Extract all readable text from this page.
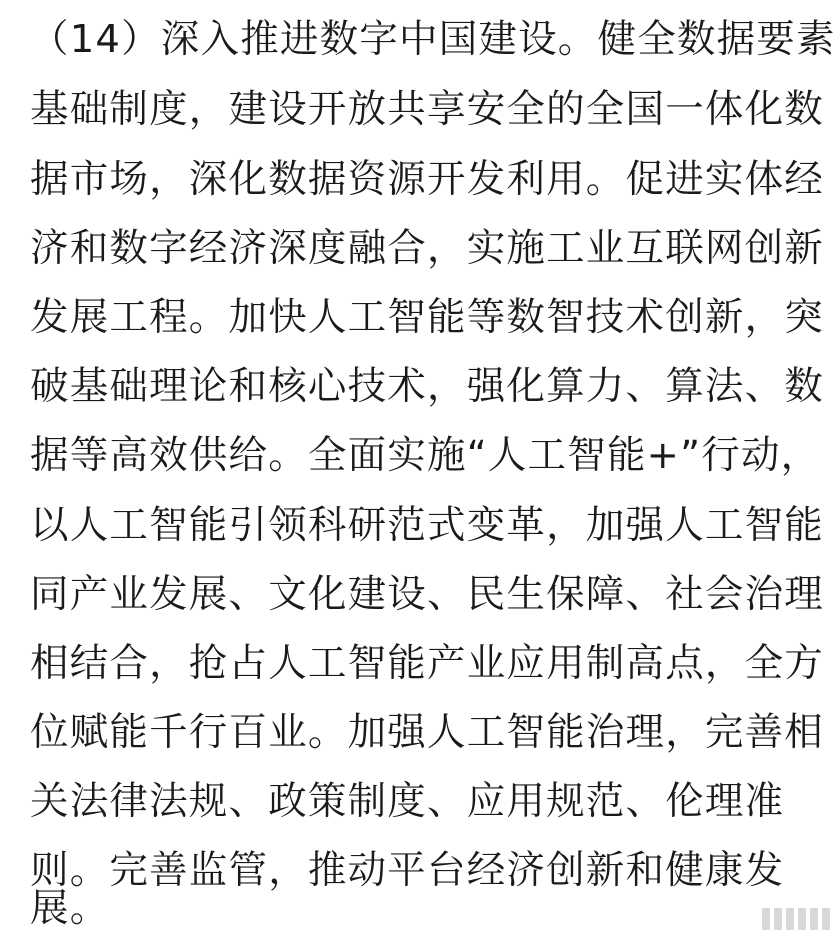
（14）深入推进数字中国建设。健全数据要素
基础制度，建设开放共享安全的全国一体化数
据市场，深化数据资源开发利用。促进实体经
济和数字经济深度融合，实施工业互联网创新
发展工程。加快人工智能等数智技术创新，突
破基础理论和核心技术，强化算力、算法、数
据等高效供给。全面实施“人工智能+”行动，
以人工智能引领科研范式变革，加强人工智能
同产业发展、文化建设、民生保障、社会治理
相结合，抢占人工智能产业应用制高点，全方
位赋能千行百业。加强人工智能治理，完善相
关法律法规、政策制度、应用规范、伦理准
则。完善监管，推动平台经济创新和健康发
展。
